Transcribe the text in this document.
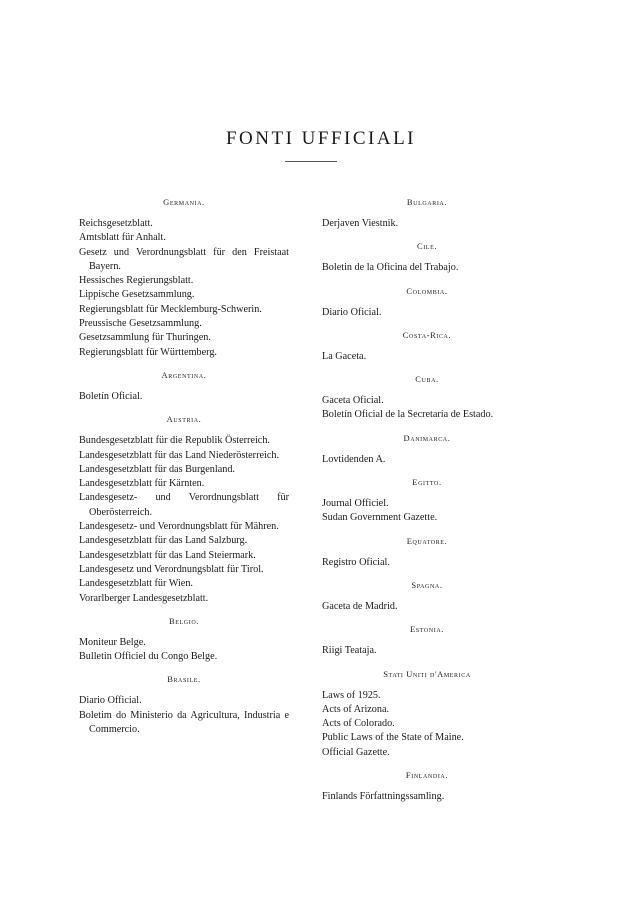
FONTI UFFICIALI
Germania.
Reichsgesetzblatt.
Amtsblatt für Anhalt.
Gesetz und Verordnungsblatt für den Freistaat Bayern.
Hessisches Regierungsblatt.
Lippische Gesetzsammlung.
Regierungsblatt für Mecklemburg-Schwerin.
Preussische Gesetzsammlung.
Gesetzsammlung für Thuringen.
Regierungsblatt für Württemberg.
Argentina.
Boletín Oficial.
Austria.
Bundesgesetzblatt für die Republik Österreich.
Landesgesetzblatt für das Land Niederösterreich.
Landesgesetzblatt für das Burgenland.
Landesgesetzblatt für Kärnten.
Landesgesetz- und Verordnungsblatt für Oberösterreich.
Landesgesetz- und Verordnungsblatt für Mähren.
Landesgesetzblatt für das Land Salzburg.
Landesgesetzblatt für das Land Steiermark.
Landesgesetz und Verordnungsblatt für Tirol.
Landesgesetzblatt für Wien.
Vorarlberger Landesgesetzblatt.
Belgio.
Moniteur Belge.
Bulletin Officiel du Congo Belge.
Brasile.
Diario Official.
Boletim do Ministerio da Agricultura, Industria e Commercio.
Bulgaria.
Derjaven Viestnik.
Cile.
Boletin de la Oficina del Trabajo.
Colombia.
Diario Oficial.
Costa-Rica.
La Gaceta.
Cuba.
Gaceta Oficial.
Boletín Oficial de la Secretaría de Estado.
Danimarca.
Lovtidenden A.
Egitto.
Journal Officiel.
Sudan Government Gazette.
Equatore.
Registro Oficial.
Spagna.
Gaceta de Madrid.
Estonia.
Riigi Teataja.
Stati Uniti d'America
Laws of 1925.
Acts of Arizona.
Acts of Colorado.
Public Laws of the State of Maine.
Official Gazette.
Finlandia.
Finlands Författningssamling.
